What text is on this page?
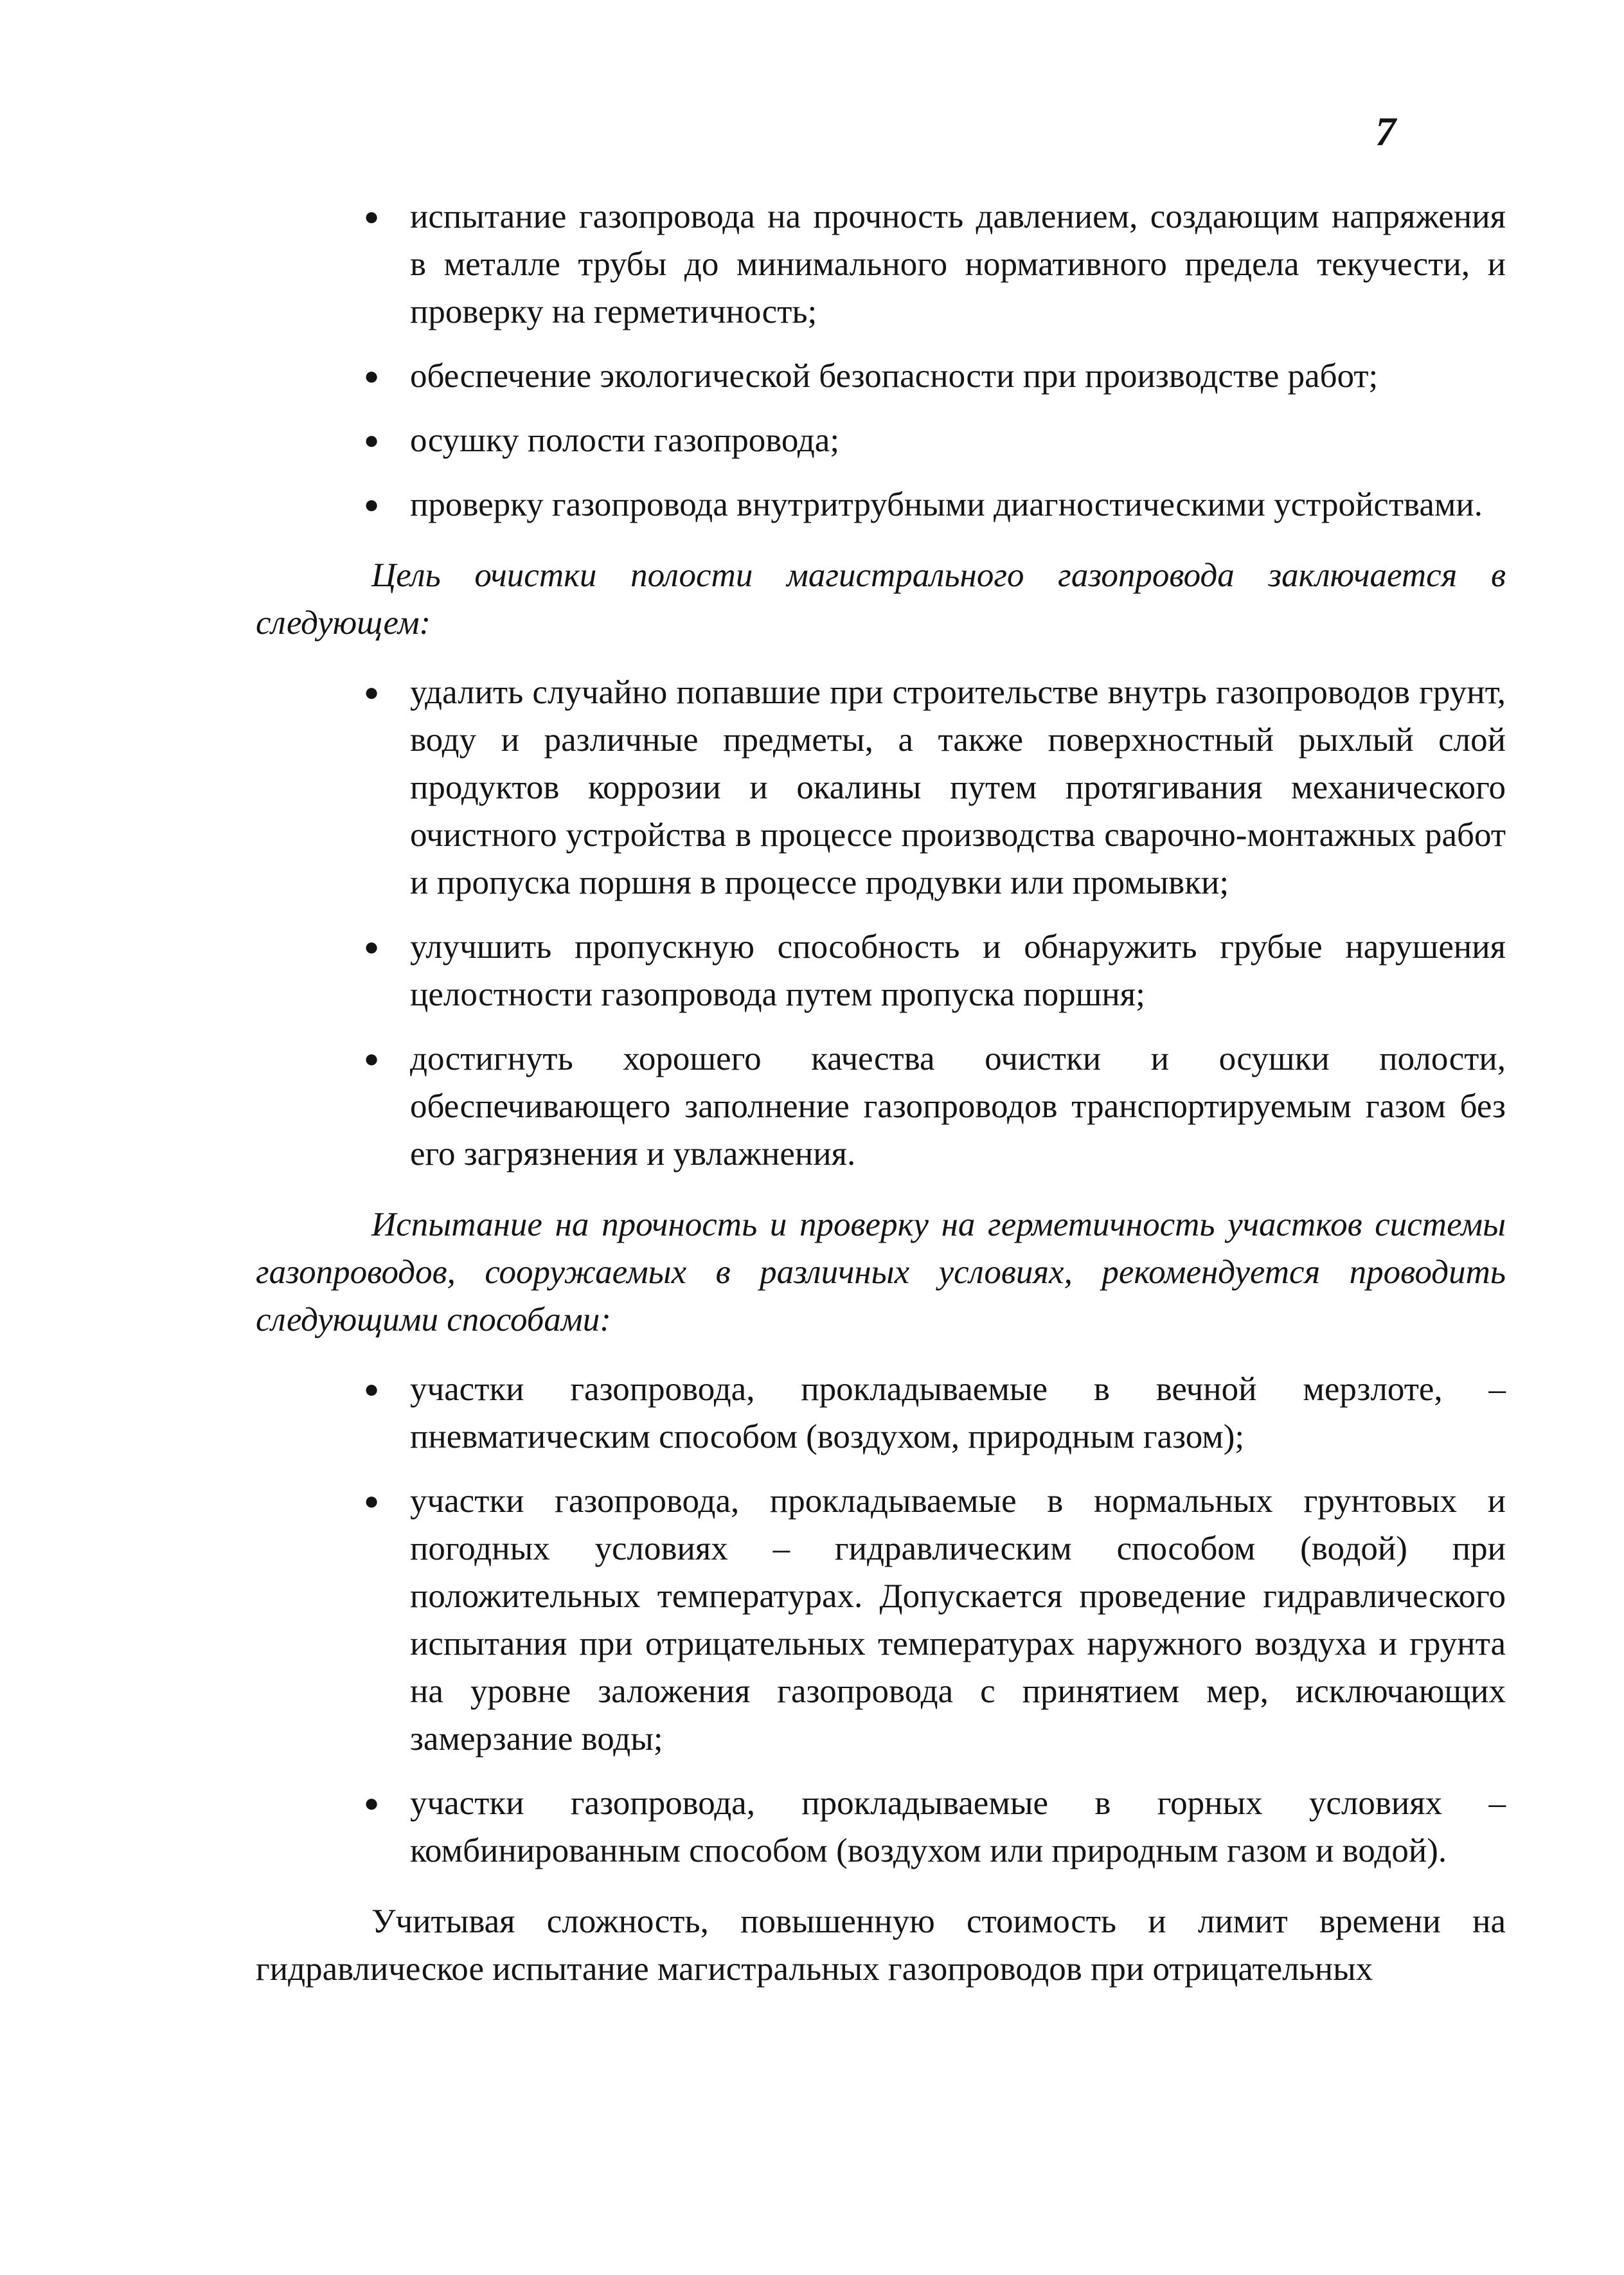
7
● испытание газопровода на прочность давлением, создающим напряжения в металле трубы до минимального нормативного предела текучести, и проверку на герметичность;
● обеспечение экологической безопасности при производстве работ;
● осушку полости газопровода;
● проверку газопровода внутритрубными диагностическими устройствами.

Цель очистки полости магистрального газопровода заключается в следующем:

● удалить случайно попавшие при строительстве внутрь газопроводов грунт, воду и различные предметы, а также поверхностный рыхлый слой продуктов коррозии и окалины путем протягивания механического очистного устройства в процессе производства сварочно-монтажных работ и пропуска поршня в процессе продувки или промывки;
● улучшить пропускную способность и обнаружить грубые нарушения целостности газопровода путем пропуска поршня;
● достигнуть хорошего качества очистки и осушки полости, обеспечивающего заполнение газопроводов транспортируемым газом без его загрязнения и увлажнения.

Испытание на прочность и проверку на герметичность участков системы газопроводов, сооружаемых в различных условиях, рекомендуется проводить следующими способами:

● участки газопровода, прокладываемые в вечной мерзлоте, – пневматическим способом (воздухом, природным газом);
● участки газопровода, прокладываемые в нормальных грунтовых и погодных условиях – гидравлическим способом (водой) при положительных температурах. Допускается проведение гидравлического испытания при отрицательных температурах наружного воздуха и грунта на уровне заложения газопровода с принятием мер, исключающих замерзание воды;
● участки газопровода, прокладываемые в горных условиях – комбинированным способом (воздухом или природным газом и водой).

Учитывая сложность, повышенную стоимость и лимит времени на гидравлическое испытание магистральных газопроводов при отрицательных
